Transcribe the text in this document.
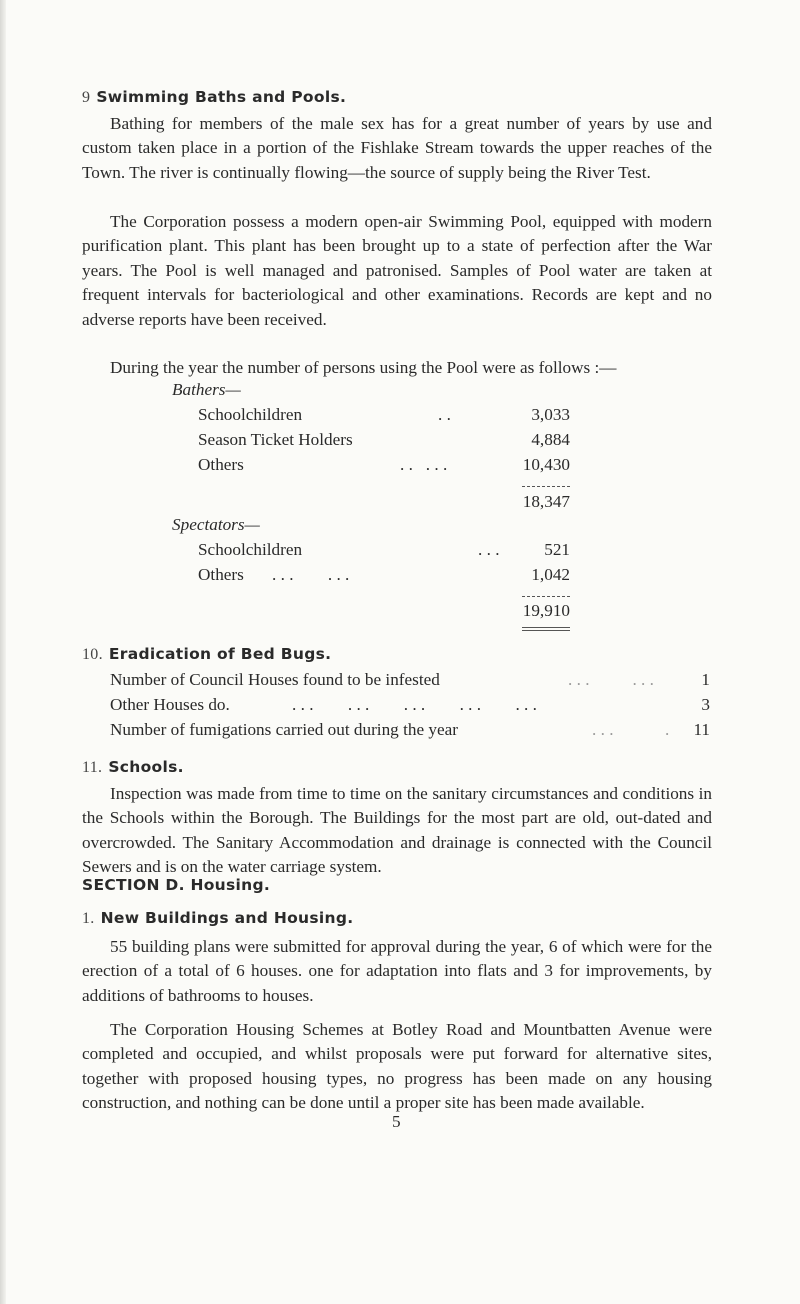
9 Swimming Baths and Pools.

Bathing for members of the male sex has for a great number of years by use and custom taken place in a portion of the Fishlake Stream towards the upper reaches of the Town. The river is continually flowing—the source of supply being the River Test.

The Corporation possess a modern open-air Swimming Pool, equipped with modern purification plant. This plant has been brought up to a state of perfection after the War years. The Pool is well managed and patronised. Samples of Pool water are taken at frequent intervals for bacteriological and other examinations. Records are kept and no adverse reports have been received.

During the year the number of persons using the Pool were as follows :—

Bathers—
Schoolchildren	. .	3,033
Season Ticket Holders	4,884
Others	. .   . . .	10,430
18,347
Spectators—
Schoolchildren	. . .	521
Others . . .        . . .	1,042
19,910
10. Eradication of Bed Bugs.
Number of Council Houses found to be infested	. . .          . . .	1
Other Houses do.	. . .        . . .        . . .        . . .        . . .	3
Number of fumigations carried out during the year	. . .            .	11
11. Schools.

Inspection was made from time to time on the sanitary circumstances and conditions in the Schools within the Borough. The Buildings for the most part are old, out-dated and overcrowded. The Sanitary Accommodation and drainage is connected with the Council Sewers and is on the water carriage system.

SECTION D. Housing.
1. New Buildings and Housing.

55 building plans were submitted for approval during the year, 6 of which were for the erection of a total of 6 houses. one for adaptation into flats and 3 for improvements, by additions of bathrooms to houses.

The Corporation Housing Schemes at Botley Road and Mountbatten Avenue were completed and occupied, and whilst proposals were put forward for alternative sites, together with proposed housing types, no progress has been made on any housing construction, and nothing can be done until a proper site has been made available.

5
